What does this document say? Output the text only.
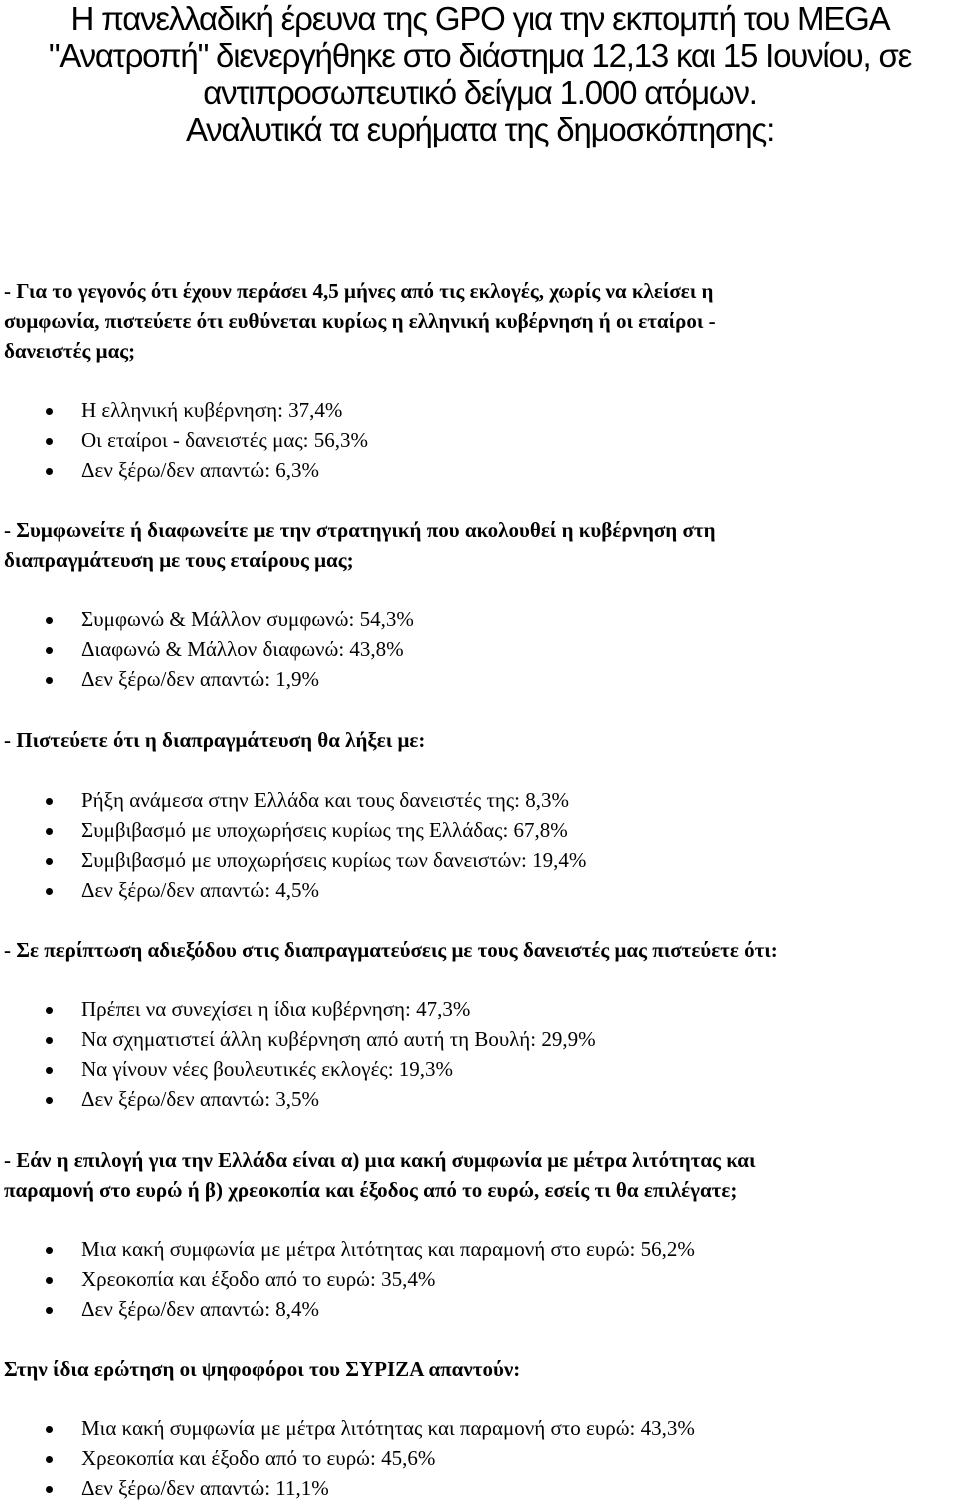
Η πανελλαδική έρευνα της GPO για την εκπομπή του MEGA
"Ανατροπή" διενεργήθηκε στο διάστημα 12,13 και 15 Ιουνίου, σε
αντιπροσωπευτικό δείγμα 1.000 ατόμων.
Αναλυτικά τα ευρήματα της δημοσκόπησης:
- Για το γεγονός ότι έχουν περάσει 4,5 μήνες από τις εκλογές, χωρίς να κλείσει η
συμφωνία, πιστεύετε ότι ευθύνεται κυρίως η ελληνική κυβέρνηση ή οι εταίροι -
δανειστές μας;
Η ελληνική κυβέρνηση: 37,4%
Οι εταίροι - δανειστές μας: 56,3%
Δεν ξέρω/δεν απαντώ: 6,3%
- Συμφωνείτε ή διαφωνείτε με την στρατηγική που ακολουθεί η κυβέρνηση στη
διαπραγμάτευση με τους εταίρους μας;
Συμφωνώ & Μάλλον συμφωνώ: 54,3%
Διαφωνώ & Μάλλον διαφωνώ: 43,8%
Δεν ξέρω/δεν απαντώ: 1,9%
- Πιστεύετε ότι η διαπραγμάτευση θα λήξει με:
Ρήξη ανάμεσα στην Ελλάδα και τους δανειστές της: 8,3%
Συμβιβασμό με υποχωρήσεις κυρίως της Ελλάδας: 67,8%
Συμβιβασμό με υποχωρήσεις κυρίως των δανειστών: 19,4%
Δεν ξέρω/δεν απαντώ: 4,5%
- Σε περίπτωση αδιεξόδου στις διαπραγματεύσεις με τους δανειστές μας πιστεύετε ότι:
Πρέπει να συνεχίσει η ίδια κυβέρνηση: 47,3%
Να σχηματιστεί άλλη κυβέρνηση από αυτή τη Βουλή: 29,9%
Να γίνουν νέες βουλευτικές εκλογές: 19,3%
Δεν ξέρω/δεν απαντώ: 3,5%
- Εάν η επιλογή για την Ελλάδα είναι α) μια κακή συμφωνία με μέτρα λιτότητας και
παραμονή στο ευρώ ή β) χρεοκοπία και έξοδος από το ευρώ, εσείς τι θα επιλέγατε;
Μια κακή συμφωνία με μέτρα λιτότητας και παραμονή στο ευρώ: 56,2%
Χρεοκοπία και έξοδο από το ευρώ: 35,4%
Δεν ξέρω/δεν απαντώ: 8,4%
Στην ίδια ερώτηση οι ψηφοφόροι του ΣΥΡΙΖΑ απαντούν:
Μια κακή συμφωνία με μέτρα λιτότητας και παραμονή στο ευρώ: 43,3%
Χρεοκοπία και έξοδο από το ευρώ: 45,6%
Δεν ξέρω/δεν απαντώ: 11,1%
